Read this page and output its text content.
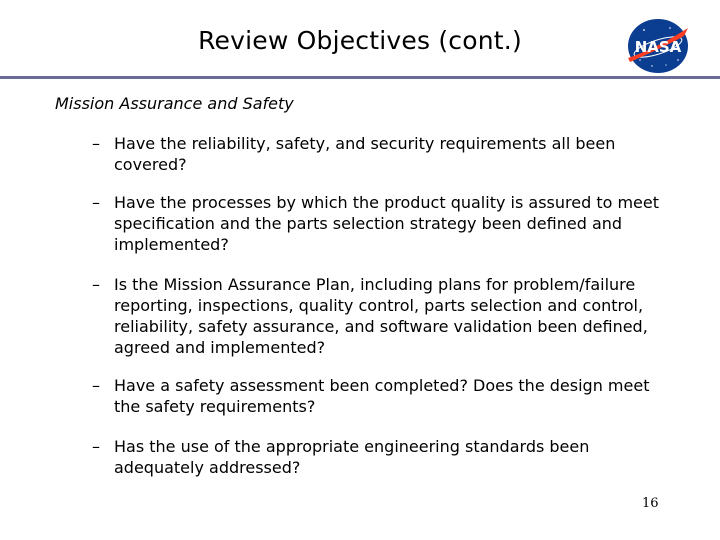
Review Objectives (cont.)	NASA

Mission Assurance and Safety

– Have the reliability, safety, and security requirements all been covered?
– Have the processes by which the product quality is assured to meet specification and the parts selection strategy been defined and implemented?
– Is the Mission Assurance Plan, including plans for problem/failure reporting, inspections, quality control, parts selection and control, reliability, safety assurance, and software validation been defined, agreed and implemented?
– Have a safety assessment been completed? Does the design meet the safety requirements?
– Has the use of the appropriate engineering standards been adequately addressed?
16
